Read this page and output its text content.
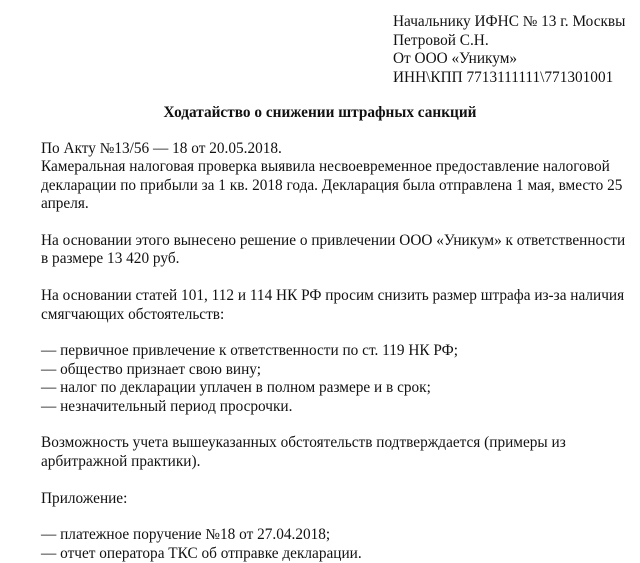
Начальнику ИФНС № 13 г. Москвы
Петровой С.Н.
От ООО «Уникум»
ИНН\КПП 7713111111\771301001
Ходатайство о снижении штрафных санкций
По Акту №13/56 — 18 от 20.05.2018.
Камеральная налоговая проверка выявила несвоевременное предоставление налоговой
декларации по прибыли за 1 кв. 2018 года. Декларация была отправлена 1 мая, вместо 25
апреля.
На основании этого вынесено решение о привлечении ООО «Уникум» к ответственности
в размере 13 420 руб.
На основании статей 101, 112 и 114 НК РФ просим снизить размер штрафа из-за наличия
смягчающих обстоятельств:
— первичное привлечение к ответственности по ст. 119 НК РФ;
— общество признает свою вину;
— налог по декларации уплачен в полном размере и в срок;
— незначительный период просрочки.
Возможность учета вышеуказанных обстоятельств подтверждается (примеры из
арбитражной практики).
Приложение:
— платежное поручение №18 от 27.04.2018;
— отчет оператора ТКС об отправке декларации.
